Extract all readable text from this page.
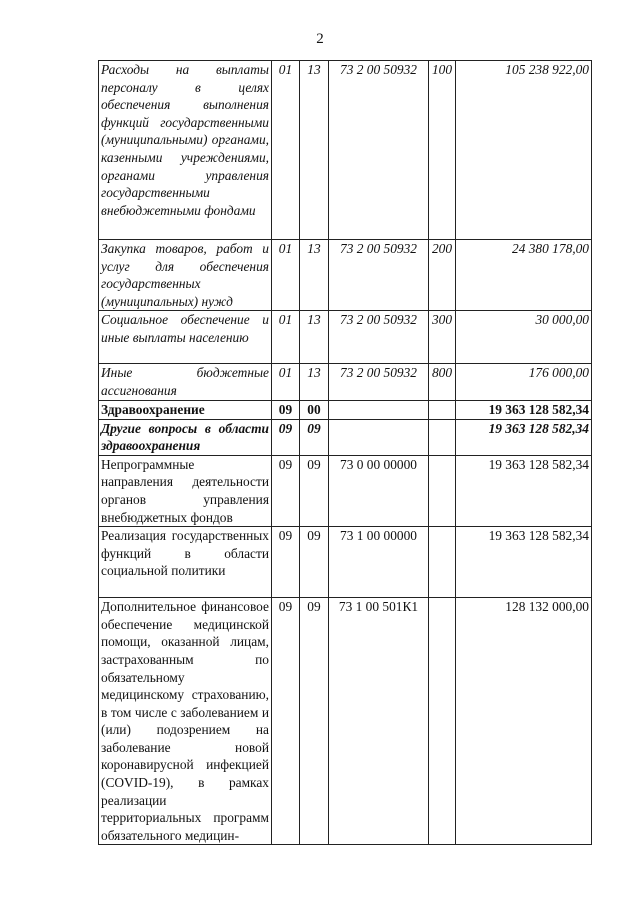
2
Расходы на выплаты персоналу в целях обеспечения выполнения функций государственными (муниципальными) органами, казенными учреждениями, органами управления государственными внебюджетными фондами	01	13	73 2 00 50932	100	105 238 922,00
Закупка товаров, работ и услуг для обеспечения государственных (муниципальных) нужд	01	13	73 2 00 50932	200	24 380 178,00
Социальное обеспечение и иные выплаты населению	01	13	73 2 00 50932	300	30 000,00
Иные бюджетные ассигнования	01	13	73 2 00 50932	800	176 000,00
Здравоохранение	09	00			19 363 128 582,34
Другие вопросы в области здравоохранения	09	09			19 363 128 582,34
Непрограммные направления деятельности органов управления внебюджетных фондов	09	09	73 0 00 00000		19 363 128 582,34
Реализация государственных функций в области социальной политики	09	09	73 1 00 00000		19 363 128 582,34
Дополнительное финансовое обеспечение медицинской помощи, оказанной лицам, застрахованным по обязательному медицинскому страхованию, в том числе с заболеванием и (или) подозрением на заболевание новой коронавирусной инфекцией (COVID-19), в рамках реализации территориальных программ обязательного медицин-	09	09	73 1 00 501К1		128 132 000,00
